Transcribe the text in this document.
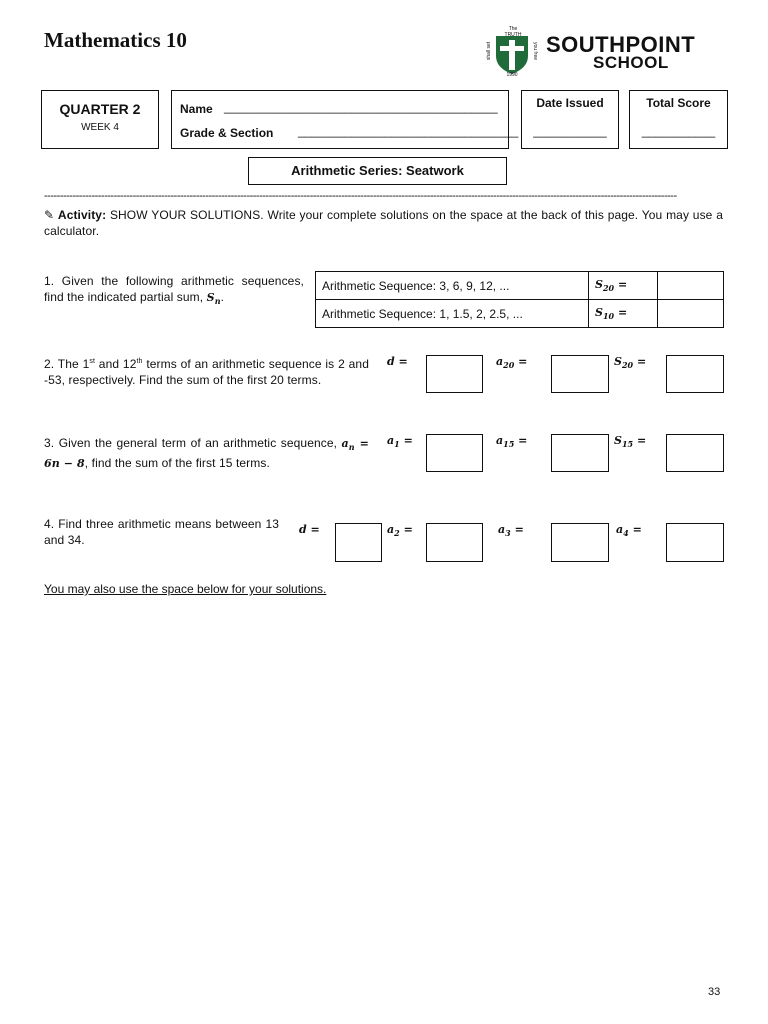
Mathematics 10	The TRUTH
shall set	you free
1990
SOUTHPOINT
SCHOOL
QUARTER 2
WEEK 4
Name _________________________________________
Grade & Section _________________________________
Date Issued
___________
Total Score
___________
Arithmetic Series: Seatwork
--------------------------------------------------------------------------------------------------------------------------------------------------------------------------------------------------------
✎ Activity: SHOW YOUR SOLUTIONS. Write your complete solutions on the space at the back of this page. You may use a calculator.
1. Given the following arithmetic sequences, find the indicated partial sum, $S_n$.
Arithmetic Sequence: 3, 6, 9, 12, ...	$S_{20}$ =	
Arithmetic Sequence: 1, 1.5, 2, 2.5, ...	$S_{10}$ =	
2. The 1st and 12th terms of an arithmetic sequence is 2 and -53, respectively. Find the sum of the first 20 terms.
d =	$a_{20}$ =	$S_{20}$ =
3. Given the general term of an arithmetic sequence, $a_n = 6n - 8$, find the sum of the first 15 terms.
$a_1$ =	$a_{15}$ =	$S_{15}$ =
4. Find three arithmetic means between 13 and 34.
d =	$a_2$ =	$a_3$ =	$a_4$ =
You may also use the space below for your solutions.
33
